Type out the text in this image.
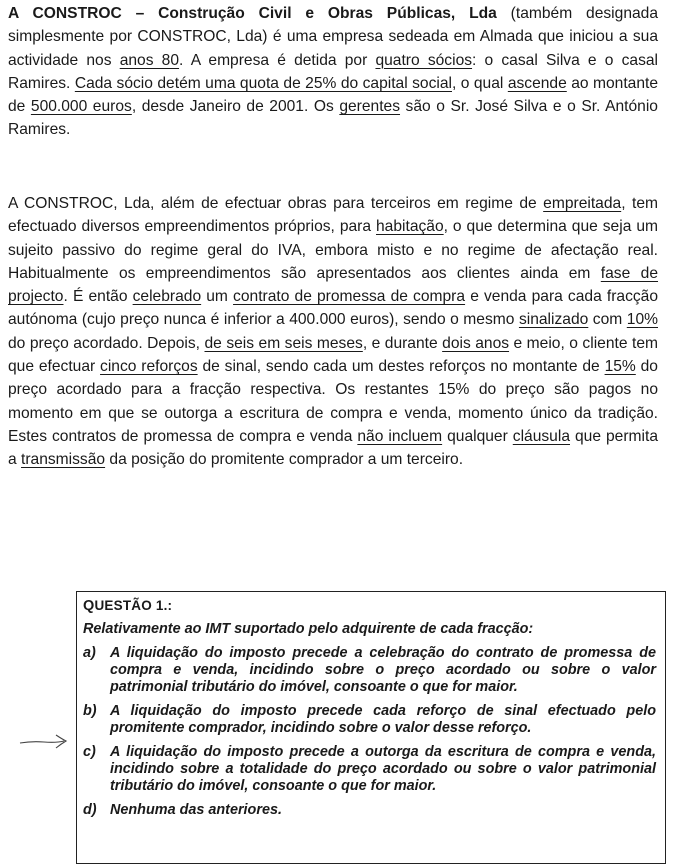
A CONSTROC – Construção Civil e Obras Públicas, Lda (também designada simplesmente por CONSTROC, Lda) é uma empresa sedeada em Almada que iniciou a sua actividade nos anos 80. A empresa é detida por quatro sócios: o casal Silva e o casal Ramires. Cada sócio detém uma quota de 25% do capital social, o qual ascende ao montante de 500.000 euros, desde Janeiro de 2001. Os gerentes são o Sr. José Silva e o Sr. António Ramires.

A CONSTROC, Lda, além de efectuar obras para terceiros em regime de empreitada, tem efectuado diversos empreendimentos próprios, para habitação, o que determina que seja um sujeito passivo do regime geral do IVA, embora misto e no regime de afectação real. Habitualmente os empreendimentos são apresentados aos clientes ainda em fase de projecto. É então celebrado um contrato de promessa de compra e venda para cada fracção autónoma (cujo preço nunca é inferior a 400.000 euros), sendo o mesmo sinalizado com 10% do preço acordado. Depois, de seis em seis meses, e durante dois anos e meio, o cliente tem que efectuar cinco reforços de sinal, sendo cada um destes reforços no montante de 15% do preço acordado para a fracção respectiva. Os restantes 15% do preço são pagos no momento em que se outorga a escritura de compra e venda, momento único da tradição. Estes contratos de promessa de compra e venda não incluem qualquer cláusula que permita a transmissão da posição do promitente comprador a um terceiro.

QUESTÃO 1.:
Relativamente ao IMT suportado pelo adquirente de cada fracção:
a) A liquidação do imposto precede a celebração do contrato de promessa de compra e venda, incidindo sobre o preço acordado ou sobre o valor patrimonial tributário do imóvel, consoante o que for maior.
b) A liquidação do imposto precede cada reforço de sinal efectuado pelo promitente comprador, incidindo sobre o valor desse reforço.
c) A liquidação do imposto precede a outorga da escritura de compra e venda, incidindo sobre a totalidade do preço acordado ou sobre o valor patrimonial tributário do imóvel, consoante o que for maior.
d) Nenhuma das anteriores.
